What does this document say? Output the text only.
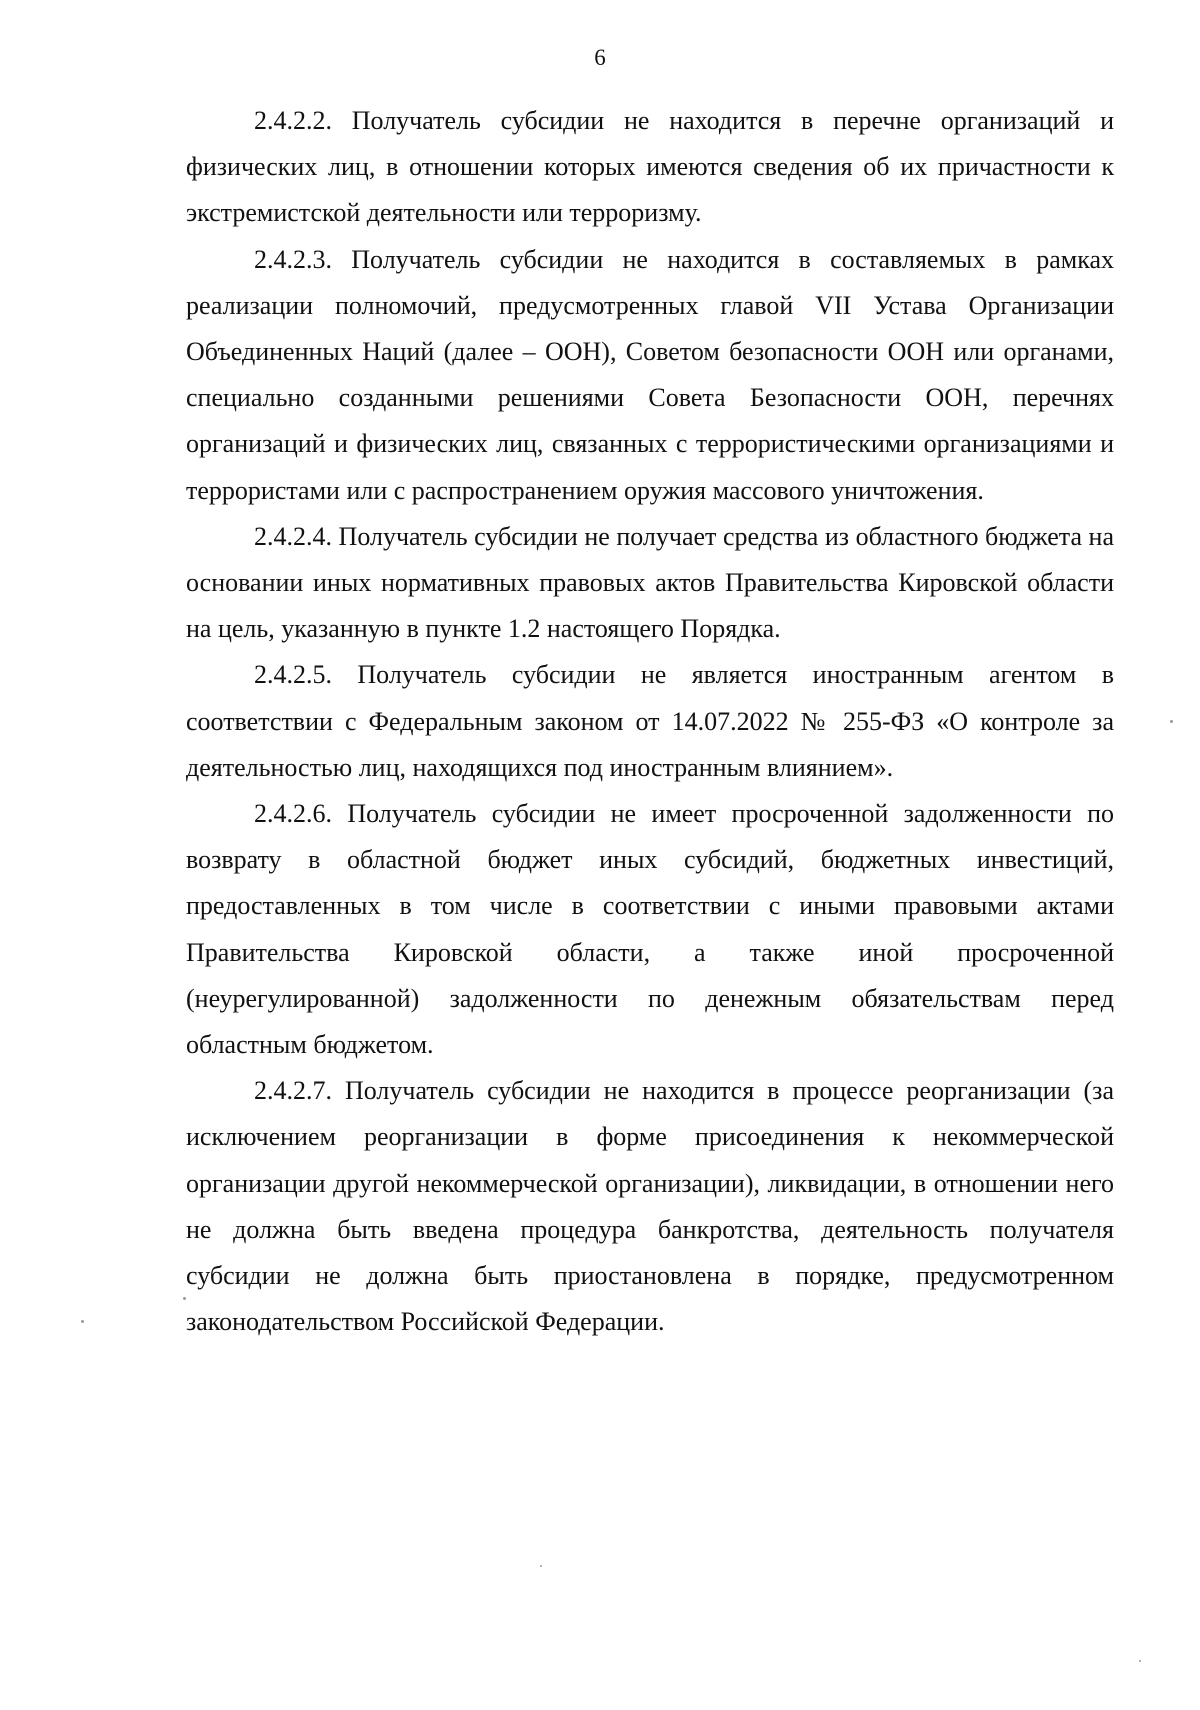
6

2.4.2.2. Получатель субсидии не находится в перечне организаций и физических лиц, в отношении которых имеются сведения об их причастности к экстремистской деятельности или терроризму.

2.4.2.3. Получатель субсидии не находится в составляемых в рамках реализации полномочий, предусмотренных главой VII Устава Организации Объединенных Наций (далее – ООН), Советом безопасности ООН или органами, специально созданными решениями Совета Безопасности ООН, перечнях организаций и физических лиц, связанных с террористическими организациями и террористами или с распространением оружия массового уничтожения.

2.4.2.4. Получатель субсидии не получает средства из областного бюджета на основании иных нормативных правовых актов Правительства Кировской области на цель, указанную в пункте 1.2 настоящего Порядка.

2.4.2.5. Получатель субсидии не является иностранным агентом в соответствии с Федеральным законом от 14.07.2022 № 255-ФЗ «О контроле за деятельностью лиц, находящихся под иностранным влиянием».

2.4.2.6. Получатель субсидии не имеет просроченной задолженности по возврату в областной бюджет иных субсидий, бюджетных инвестиций, предоставленных в том числе в соответствии с иными правовыми актами Правительства Кировской области, а также иной просроченной (неурегулированной) задолженности по денежным обязательствам перед областным бюджетом.

2.4.2.7. Получатель субсидии не находится в процессе реорганизации (за исключением реорганизации в форме присоединения к некоммерческой организации другой некоммерческой организации), ликвидации, в отношении него не должна быть введена процедура банкротства, деятельность получателя субсидии не должна быть приостановлена в порядке, предусмотренном законодательством Российской Федерации.
